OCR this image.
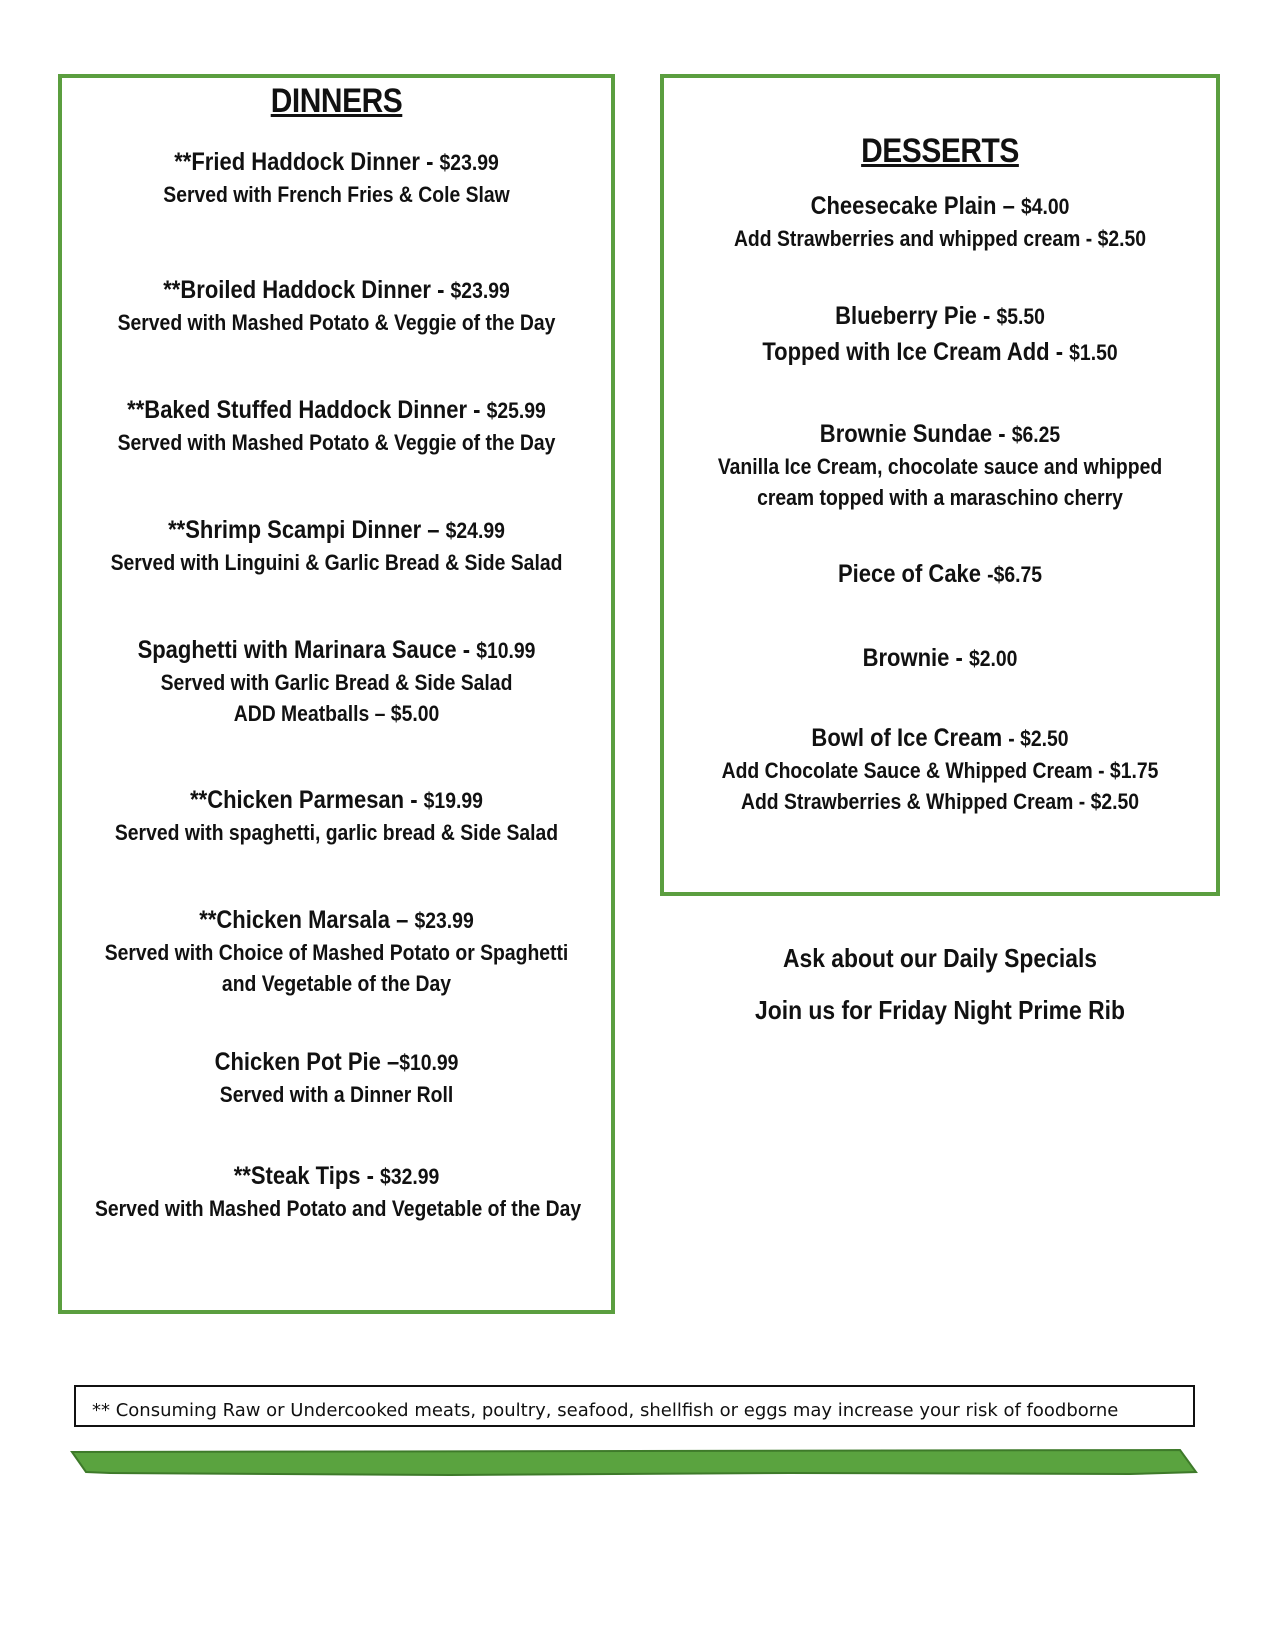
DINNERS
**Fried Haddock Dinner - $23.99
Served with French Fries & Cole Slaw
**Broiled Haddock Dinner - $23.99
Served with Mashed Potato & Veggie of the Day
**Baked Stuffed Haddock Dinner - $25.99
Served with Mashed Potato & Veggie of the Day
**Shrimp Scampi Dinner – $24.99
Served with Linguini & Garlic Bread & Side Salad
Spaghetti with Marinara Sauce - $10.99
Served with Garlic Bread & Side Salad
ADD Meatballs – $5.00
**Chicken Parmesan - $19.99
Served with spaghetti, garlic bread & Side Salad
**Chicken Marsala – $23.99
Served with Choice of Mashed Potato or Spaghetti
and Vegetable of the Day
Chicken Pot Pie –$10.99
Served with a Dinner Roll
**Steak Tips - $32.99
Served with Mashed Potato and Vegetable of the Day
DESSERTS
Cheesecake Plain – $4.00
Add Strawberries and whipped cream - $2.50
Blueberry Pie - $5.50
Topped with Ice Cream Add - $1.50
Brownie Sundae - $6.25
Vanilla Ice Cream, chocolate sauce and whipped
cream topped with a maraschino cherry
Piece of Cake -$6.75
Brownie - $2.00
Bowl of Ice Cream - $2.50
Add Chocolate Sauce & Whipped Cream - $1.75
Add Strawberries & Whipped Cream - $2.50
Ask about our Daily Specials
Join us for Friday Night Prime Rib
** Consuming Raw or Undercooked meats, poultry, seafood, shellfish or eggs may increase your risk of foodborne
